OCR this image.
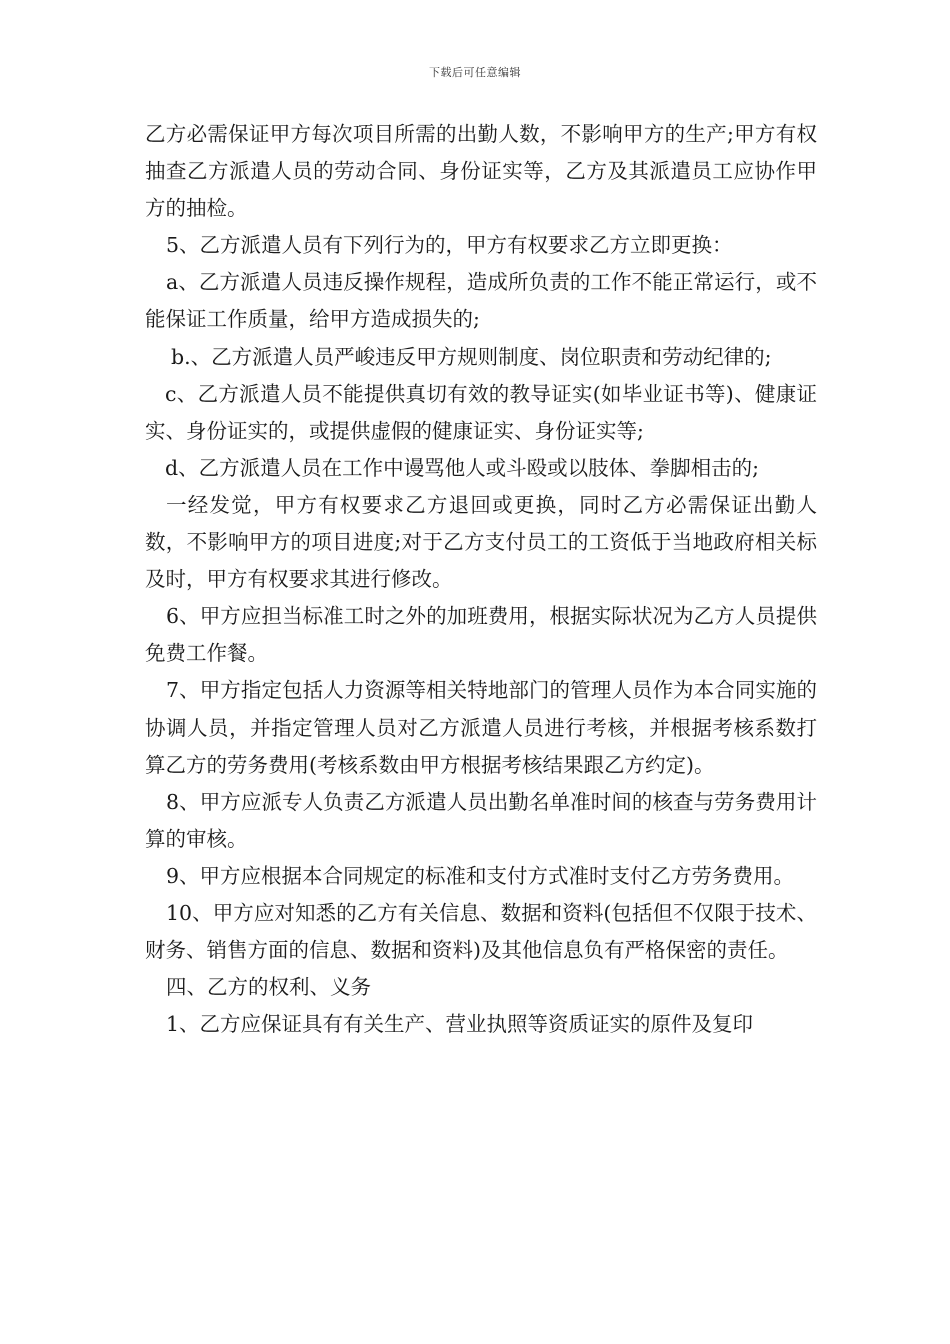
下载后可任意编辑

乙方必需保证甲方每次项目所需的出勤人数，不影响甲方的生产;甲方有权抽查乙方派遣人员的劳动合同、身份证实等，乙方及其派遣员工应协作甲方的抽检。

5、乙方派遣人员有下列行为的，甲方有权要求乙方立即更换：

a、乙方派遣人员违反操作规程，造成所负责的工作不能正常运行，或不能保证工作质量，给甲方造成损失的;

b.、乙方派遣人员严峻违反甲方规则制度、岗位职责和劳动纪律的;

c、乙方派遣人员不能提供真切有效的教导证实(如毕业证书等)、健康证实、身份证实的，或提供虚假的健康证实、身份证实等;

d、乙方派遣人员在工作中谩骂他人或斗殴或以肢体、拳脚相击的;

一经发觉，甲方有权要求乙方退回或更换，同时乙方必需保证出勤人数，不影响甲方的项目进度;对于乙方支付员工的工资低于当地政府相关标及时，甲方有权要求其进行修改。

6、甲方应担当标准工时之外的加班费用，根据实际状况为乙方人员提供免费工作餐。

7、甲方指定包括人力资源等相关特地部门的管理人员作为本合同实施的协调人员，并指定管理人员对乙方派遣人员进行考核，并根据考核系数打算乙方的劳务费用(考核系数由甲方根据考核结果跟乙方约定)。

8、甲方应派专人负责乙方派遣人员出勤名单准时间的核查与劳务费用计算的审核。

9、甲方应根据本合同规定的标准和支付方式准时支付乙方劳务费用。

10、甲方应对知悉的乙方有关信息、数据和资料(包括但不仅限于技术、财务、销售方面的信息、数据和资料)及其他信息负有严格保密的责任。

四、乙方的权利、义务

1、乙方应保证具有有关生产、营业执照等资质证实的原件及复印
